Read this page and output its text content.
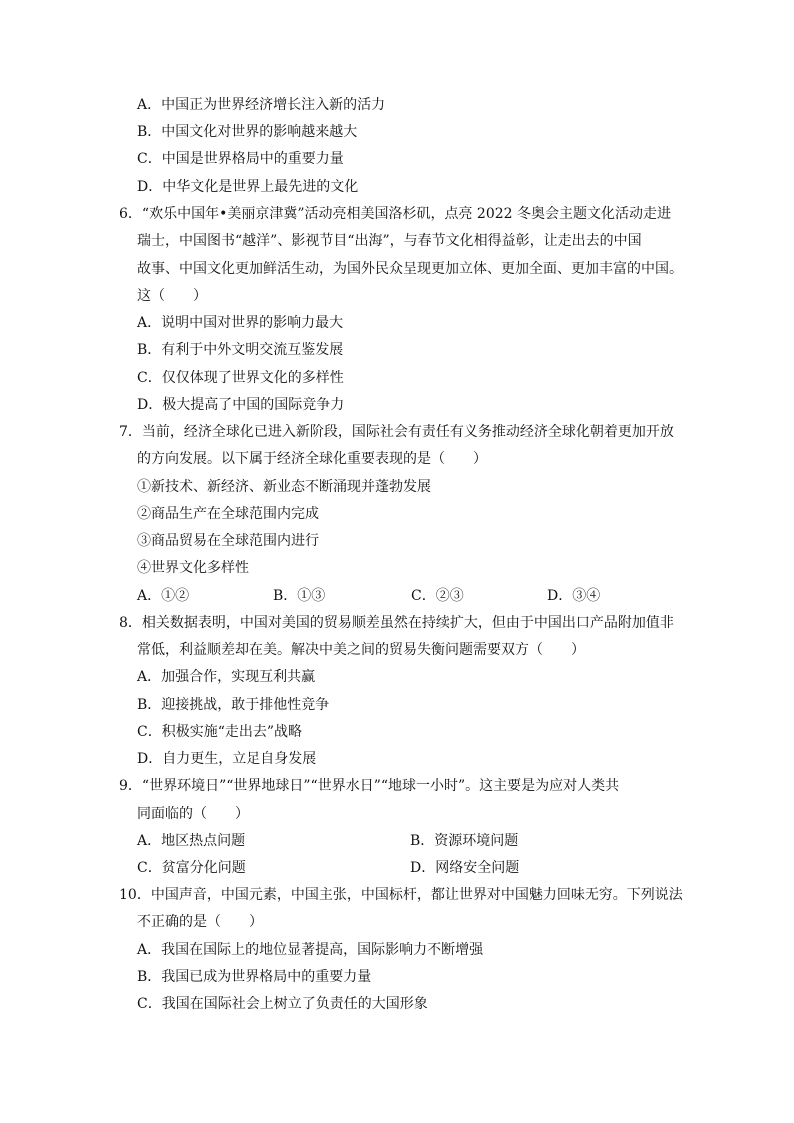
A．中国正为世界经济增长注入新的活力
B．中国文化对世界的影响越来越大
C．中国是世界格局中的重要力量
D．中华文化是世界上最先进的文化
6．“欢乐中国年•美丽京津冀”活动亮相美国洛杉矶，点亮 2022 冬奥会主题文化活动走进
瑞士，中国图书“越洋”、影视节目“出海”，与春节文化相得益彰，让走出去的中国
故事、中国文化更加鲜活生动，为国外民众呈现更加立体、更加全面、更加丰富的中国。
这（　　）
A．说明中国对世界的影响力最大
B．有利于中外文明交流互鉴发展
C．仅仅体现了世界文化的多样性
D．极大提高了中国的国际竞争力
7．当前，经济全球化已进入新阶段，国际社会有责任有义务推动经济全球化朝着更加开放
的方向发展。以下属于经济全球化重要表现的是（　　）
①新技术、新经济、新业态不断涌现并蓬勃发展
②商品生产在全球范围内完成
③商品贸易在全球范围内进行
④世界文化多样性
A．①②	B．①③	C．②③	D．③④
8．相关数据表明，中国对美国的贸易顺差虽然在持续扩大，但由于中国出口产品附加值非
常低，利益顺差却在美。解决中美之间的贸易失衡问题需要双方（　　）
A．加强合作，实现互利共赢
B．迎接挑战，敢于排他性竞争
C．积极实施“走出去”战略
D．自力更生，立足自身发展
9．“世界环境日”“世界地球日”“世界水日”“地球一小时”。这主要是为应对人类共
同面临的（　　）
A．地区热点问题	B．资源环境问题
C．贫富分化问题	D．网络安全问题
10．中国声音，中国元素，中国主张，中国标杆，都让世界对中国魅力回味无穷。下列说法
不正确的是（　　）
A．我国在国际上的地位显著提高，国际影响力不断增强
B．我国已成为世界格局中的重要力量
C．我国在国际社会上树立了负责任的大国形象
